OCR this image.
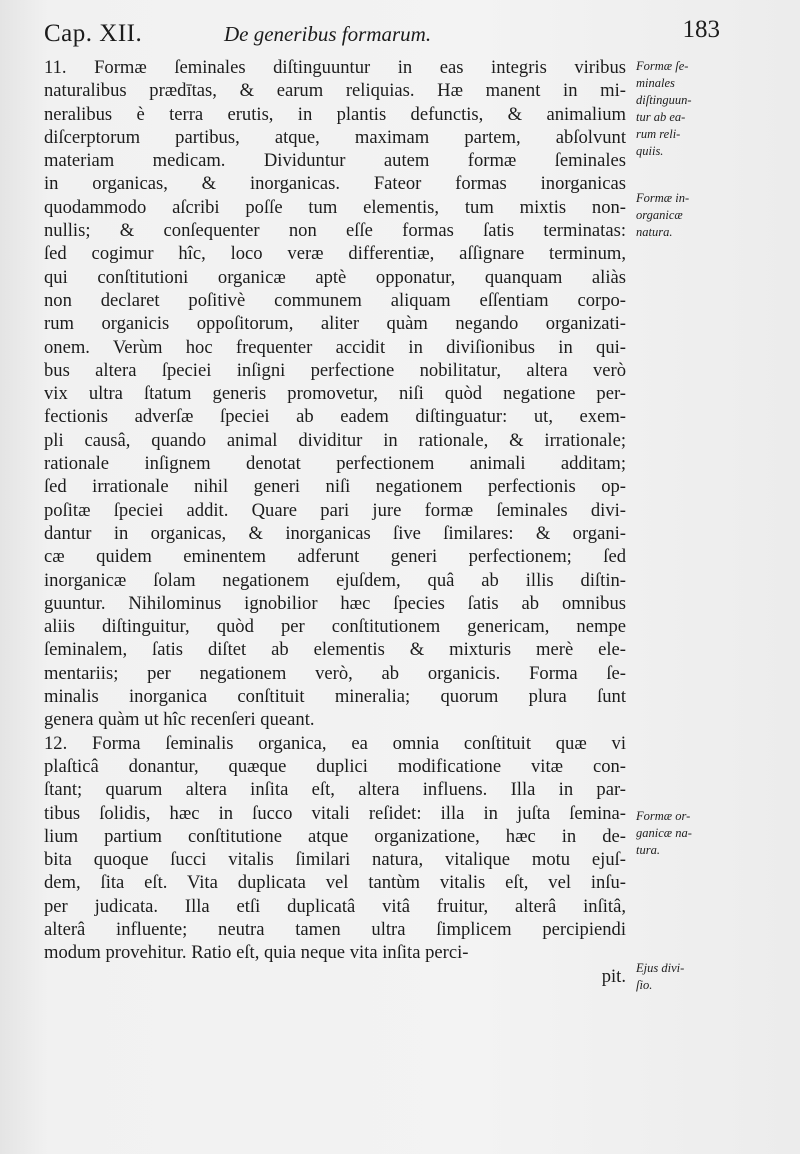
Cap. XII.	De generibus formarum.	183
11. Formæ ſeminales diſtinguuntur in eas integris viribus
naturalibus prædītas, & earum reliquias. Hæ manent in mi-
neralibus è terra erutis, in plantis defunctis, & animalium
diſcerptorum partibus, atque, maximam partem, abſolvunt
materiam medicam. Dividuntur autem formæ ſeminales
in organicas, & inorganicas. Fateor formas inorganicas
quodammodo aſcribi poſſe tum elementis, tum mixtis non-
nullis; & conſequenter non eſſe formas ſatis terminatas:
ſed cogimur hîc, loco veræ differentiæ, aſſignare terminum,
qui conſtitutioni organicæ aptè opponatur, quanquam aliàs
non declaret poſitivè communem aliquam eſſentiam corpo-
rum organicis oppoſitorum, aliter quàm negando organizati-
onem. Verùm hoc frequenter accidit in diviſionibus in qui-
bus altera ſpeciei inſigni perfectione nobilitatur, altera verò
vix ultra ſtatum generis promovetur, niſi quòd negatione per-
fectionis adverſæ ſpeciei ab eadem diſtinguatur: ut, exem-
pli causâ, quando animal dividitur in rationale, & irrationale;
rationale inſignem denotat perfectionem animali additam;
ſed irrationale nihil generi niſi negationem perfectionis op-
poſitæ ſpeciei addit. Quare pari jure formæ ſeminales divi-
dantur in organicas, & inorganicas ſive ſimilares: & organi-
cæ quidem eminentem adferunt generi perfectionem; ſed
inorganicæ ſolam negationem ejuſdem, quâ ab illis diſtin-
guuntur. Nihilominus ignobilior hæc ſpecies ſatis ab omnibus
aliis diſtinguitur, quòd per conſtitutionem genericam, nempe
ſeminalem, ſatis diſtet ab elementis & mixturis merè ele-
mentariis; per negationem verò, ab organicis. Forma ſe-
minalis inorganica conſtituit mineralia; quorum plura ſunt
genera quàm ut hîc recenſeri queant.
12. Forma ſeminalis organica, ea omnia conſtituit quæ vi
plaſticâ donantur, quæque duplici modificatione vitæ con-
ſtant; quarum altera inſita eſt, altera influens. Illa in par-
tibus ſolidis, hæc in ſucco vitali reſidet: illa in juſta ſemina-
lium partium conſtitutione atque organizatione, hæc in de-
bita quoque ſucci vitalis ſimilari natura, vitalique motu ejuſ-
dem, ſita eſt. Vita duplicata vel tantùm vitalis eſt, vel inſu-
per judicata. Illa etſi duplicatâ vitâ fruitur, alterâ inſitâ,
alterâ influente; neutra tamen ultra ſimplicem percipiendi
modum provehitur. Ratio eſt, quia neque vita inſita perci-
pit.
Formæ ſe-
minales
diſtinguun-
tur ab ea-
rum reli-
quiis.
Formæ in-
organicæ
natura.
Formæ or-
ganicæ na-
tura.
Ejus divi-
ſio.
